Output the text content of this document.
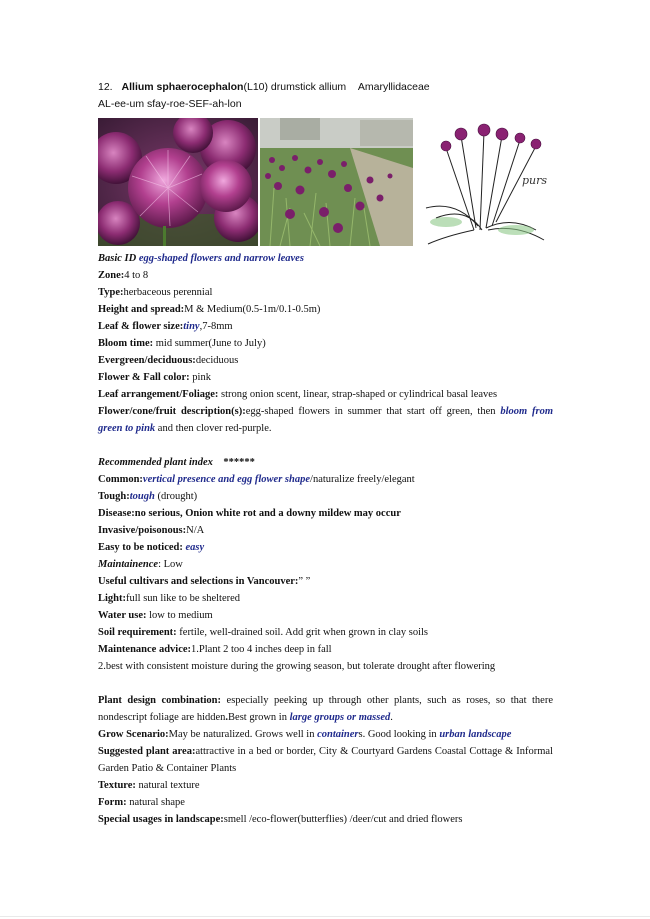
12. Allium sphaerocephalon(L10) drumstick allium Amaryllidaceae
AL-ee-um sfay-roe-SEF-ah-lon
purs
Basic ID egg-shaped flowers and narrow leaves
Zone:4 to 8
Type:herbaceous perennial
Height and spread:M & Medium(0.5-1m/0.1-0.5m)
Leaf & flower size:tiny,7-8mm
Bloom time: mid summer(June to July)
Evergreen/deciduous:deciduous
Flower & Fall color: pink
Leaf arrangement/Foliage: strong onion scent, linear, strap-shaped or cylindrical basal leaves
Flower/cone/fruit description(s):egg-shaped flowers in summer that start off green, then bloom from green to pink and then clover red-purple.
Recommended plant index ******
Common:vertical presence and egg flower shape/naturalize freely/elegant
Tough:tough (drought)
Disease:no serious, Onion white rot and a downy mildew may occur
Invasive/poisonous:N/A
Easy to be noticed: easy
Maintainence: Low
Useful cultivars and selections in Vancouver:” ”
Light:full sun like to be sheltered
Water use: low to medium
Soil requirement: fertile, well-drained soil. Add grit when grown in clay soils
Maintenance advice:1.Plant 2 too 4 inches deep in fall
2.best with consistent moisture during the growing season, but tolerate drought after flowering
Plant design combination: especially peeking up through other plants, such as roses, so that there nondescript foliage are hidden.Best grown in large groups or massed.
Grow Scenario:May be naturalized. Grows well in containers. Good looking in urban landscape
Suggested plant area:attractive in a bed or border, City & Courtyard Gardens Coastal Cottage & Informal Garden Patio & Container Plants
Texture: natural texture
Form: natural shape
Special usages in landscape:smell /eco-flower(butterflies) /deer/cut and dried flowers
